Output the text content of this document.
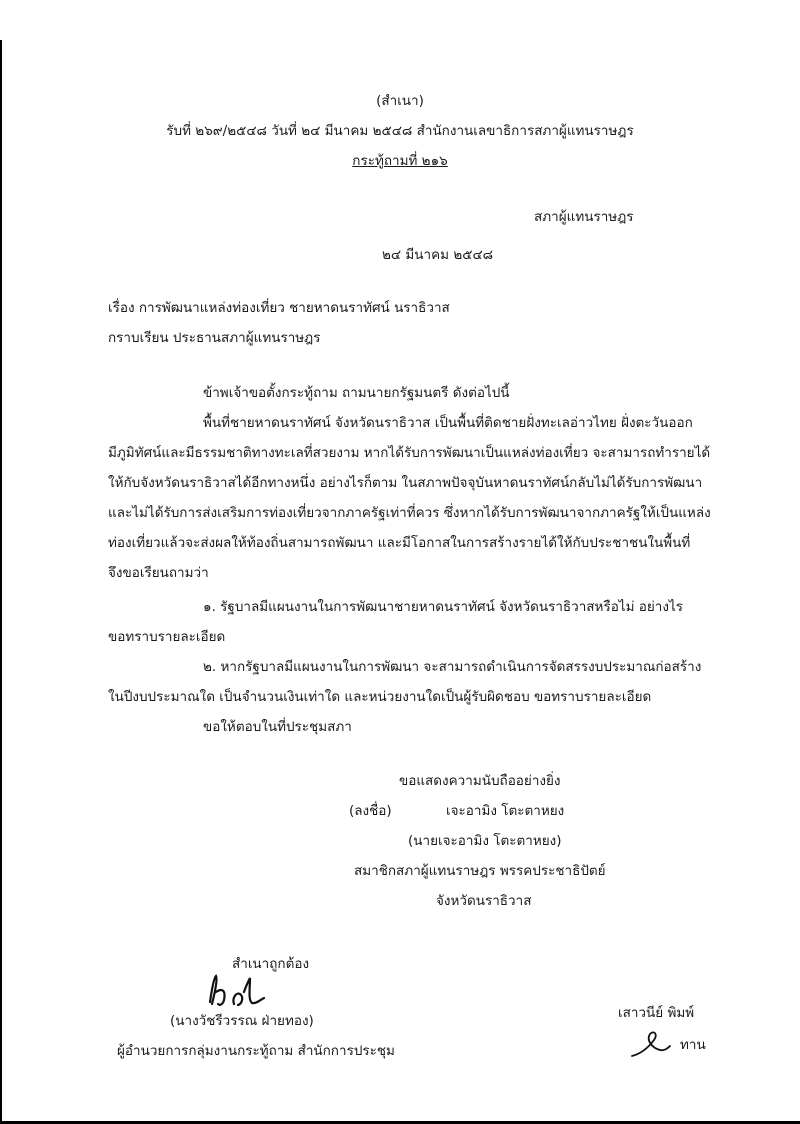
(สำเนา)
รับที่ ๒๖๙/๒๕๔๘ วันที่ ๒๔ มีนาคม ๒๕๔๘ สำนักงานเลขาธิการสภาผู้แทนราษฎร
กระทู้ถามที่ ๒๑๖
สภาผู้แทนราษฎร
๒๔ มีนาคม ๒๕๔๘
เรื่อง การพัฒนาแหล่งท่องเที่ยว ชายหาดนราทัศน์ นราธิวาส
กราบเรียน ประธานสภาผู้แทนราษฎร
ข้าพเจ้าขอตั้งกระทู้ถาม ถามนายกรัฐมนตรี ดังต่อไปนี้
พื้นที่ชายหาดนราทัศน์ จังหวัดนราธิวาส เป็นพื้นที่ติดชายฝั่งทะเลอ่าวไทย ฝั่งตะวันออก
มีภูมิทัศน์และมีธรรมชาติทางทะเลที่สวยงาม หากได้รับการพัฒนาเป็นแหล่งท่องเที่ยว จะสามารถทำรายได้
ให้กับจังหวัดนราธิวาสได้อีกทางหนึ่ง อย่างไรก็ตาม ในสภาพปัจจุบันหาดนราทัศน์กลับไม่ได้รับการพัฒนา
และไม่ได้รับการส่งเสริมการท่องเที่ยวจากภาครัฐเท่าที่ควร ซึ่งหากได้รับการพัฒนาจากภาครัฐให้เป็นแหล่ง
ท่องเที่ยวแล้วจะส่งผลให้ท้องถิ่นสามารถพัฒนา และมีโอกาสในการสร้างรายได้ให้กับประชาชนในพื้นที่
จึงขอเรียนถามว่า
๑. รัฐบาลมีแผนงานในการพัฒนาชายหาดนราทัศน์ จังหวัดนราธิวาสหรือไม่ อย่างไร
ขอทราบรายละเอียด
๒. หากรัฐบาลมีแผนงานในการพัฒนา จะสามารถดำเนินการจัดสรรงบประมาณก่อสร้าง
ในปีงบประมาณใด เป็นจำนวนเงินเท่าใด และหน่วยงานใดเป็นผู้รับผิดชอบ ขอทราบรายละเอียด
ขอให้ตอบในที่ประชุมสภา
ขอแสดงความนับถืออย่างยิ่ง
(ลงชื่อ)	เจะอามิง โตะตาหยง
(นายเจะอามิง โตะตาหยง)
สมาชิกสภาผู้แทนราษฎร พรรคประชาธิปัตย์
จังหวัดนราธิวาส
สำเนาถูกต้อง
(นางวัชรีวรรณ ฝ่ายทอง)
ผู้อำนวยการกลุ่มงานกระทู้ถาม สำนักการประชุม
เสาวนีย์ พิมพ์
ทาน
